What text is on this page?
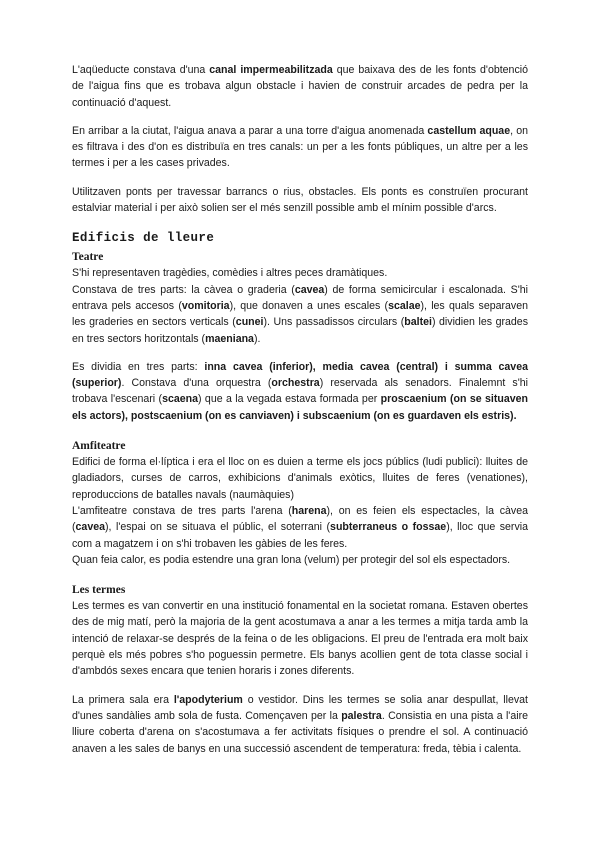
L'aqüeducte constava d'una canal impermeabilitzada que baixava des de les fonts d'obtenció de l'aigua fins que es trobava algun obstacle i havien de construir arcades de pedra per la continuació d'aquest.

En arribar a la ciutat, l'aigua anava a parar a una torre d'aigua anomenada castellum aquae, on es filtrava i des d'on es distribuïa en tres canals: un per a les fonts públiques, un altre per a les termes i per a les cases privades.

Utilitzaven ponts per travessar barrancs o rius, obstacles. Els ponts es construïen procurant estalviar material i per això solien ser el més senzill possible amb el mínim possible d'arcs.

Edificis de lleure
Teatre

S'hi representaven tragèdies, comèdies i altres peces dramàtiques.

Constava de tres parts: la càvea o graderia (cavea) de forma semicircular i escalonada. S'hi entrava pels accesos (vomitoria), que donaven a unes escales (scalae), les quals separaven les graderies en sectors verticals (cunei). Uns passadissos circulars (baltei) dividien les grades en tres sectors horitzontals (maeniana).

Es dividia en tres parts: inna cavea (inferior), media cavea (central) i summa cavea (superior). Constava d'una orquestra (orchestra) reservada als senadors. Finalemnt s'hi trobava l'escenari (scaena) que a la vegada estava formada per proscaenium (on se situaven els actors), postscaenium (on es canviaven) i subscaenium (on es guardaven els estris).

Amfiteatre

Edifici de forma el·líptica i era el lloc on es duien a terme els jocs públics (ludi publici): lluites de gladiadors, curses de carros, exhibicions d'animals exòtics, lluites de feres (venationes), reproduccions de batalles navals (naumàquies)

L'amfiteatre constava de tres parts l'arena (harena), on es feien els espectacles, la càvea (cavea), l'espai on se situava el públic, el soterrani (subterraneus o fossae), lloc que servia com a magatzem i on s'hi trobaven les gàbies de les feres.

Quan feia calor, es podia estendre una gran lona (velum) per protegir del sol els espectadors.

Les termes

Les termes es van convertir en una institució fonamental en la societat romana. Estaven obertes des de mig matí, però la majoria de la gent acostumava a anar a les termes a mitja tarda amb la intenció de relaxar-se després de la feina o de les obligacions. El preu de l'entrada era molt baix perquè els més pobres s'ho poguessin permetre. Els banys acollien gent de tota classe social i d'ambdós sexes encara que tenien horaris i zones diferents.

La primera sala era l'apodyterium o vestidor. Dins les termes se solia anar despullat, llevat d'unes sandàlies amb sola de fusta. Començaven per la palestra. Consistia en una pista a l'aire lliure coberta d'arena on s'acostumava a fer activitats físiques o prendre el sol. A continuació anaven a les sales de banys en una successió ascendent de temperatura: freda, tèbia i calenta.
